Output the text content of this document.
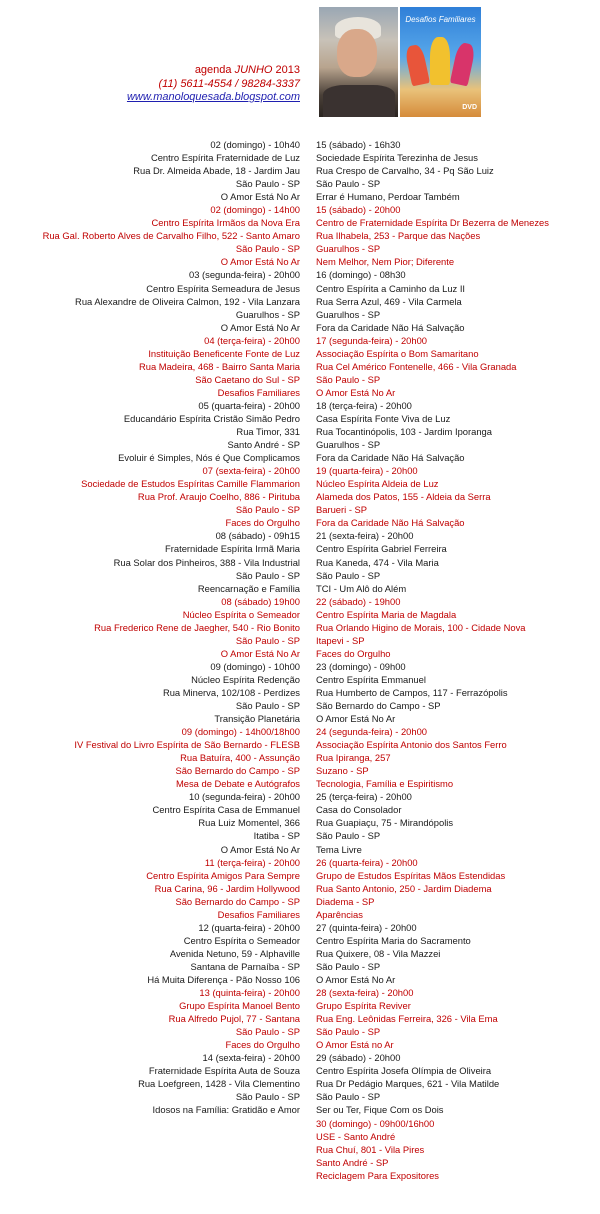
agenda JUNHO 2013
(11) 5611-4554 / 98284-3337
www.manoloquesada.blogspot.com
Desafios Familiares
DVD
02 (domingo) - 10h40
Centro Espírita Fraternidade de Luz
Rua Dr. Almeida Abade, 18 - Jardim Jau
São Paulo - SP
O Amor Está No Ar
02 (domingo) - 14h00
Centro Espírita Irmãos da Nova Era
Rua Gal. Roberto Alves de Carvalho Filho, 522 - Santo Amaro
São Paulo - SP
O Amor Está No Ar
03 (segunda-feira) - 20h00
Centro Espírita Semeadura de Jesus
Rua Alexandre de Oliveira Calmon, 192 - Vila Lanzara
Guarulhos - SP
O Amor Está No Ar
04 (terça-feira) - 20h00
Instituição Beneficente Fonte de Luz
Rua Madeira, 468 - Bairro Santa Maria
São Caetano do Sul - SP
Desafios Familiares
05 (quarta-feira) - 20h00
Educandário Espírita Cristão Simão Pedro
Rua Timor, 331
Santo André - SP
Evoluir é Simples, Nós é Que Complicamos
07 (sexta-feira) - 20h00
Sociedade de Estudos Espíritas Camille Flammarion
Rua Prof. Araujo Coelho, 886 - Pirituba
São Paulo - SP
Faces do Orgulho
08 (sábado) - 09h15
Fraternidade Espírita Irmã Maria
Rua Solar dos Pinheiros, 388 - Vila Industrial
São Paulo - SP
Reencarnação e Família
08 (sábado) 19h00
Núcleo Espírita o Semeador
Rua Frederico Rene de Jaegher, 540 - Rio Bonito
São Paulo - SP
O Amor Está No Ar
09 (domingo) - 10h00
Núcleo Espírita Redenção
Rua Minerva, 102/108 - Perdizes
São Paulo - SP
Transição Planetária
09 (domingo) - 14h00/18h00
IV Festival do Livro Espírita de São Bernardo - FLESB
Rua Batuíra, 400 - Assunção
São Bernardo do Campo - SP
Mesa de Debate e Autógrafos
10 (segunda-feira) - 20h00
Centro Espírita Casa de Emmanuel
Rua Luiz Momentel, 366
Itatiba - SP
O Amor Está No Ar
11 (terça-feira) - 20h00
Centro Espírita Amigos Para Sempre
Rua Carina, 96 - Jardim Hollywood
São Bernardo do Campo - SP
Desafios Familiares
12 (quarta-feira) - 20h00
Centro Espírita o Semeador
Avenida Netuno, 59 - Alphaville
Santana de Parnaíba - SP
Há Muita Diferença - Pão Nosso 106
13 (quinta-feira) - 20h00
Grupo Espírita Manoel Bento
Rua Alfredo Pujol, 77 - Santana
São Paulo - SP
Faces do Orgulho
14 (sexta-feira) - 20h00
Fraternidade Espírita Auta de Souza
Rua Loefgreen, 1428 - Vila Clementino
São Paulo - SP
Idosos na Família: Gratidão e Amor
15 (sábado) - 16h30
Sociedade Espírita Terezinha de Jesus
Rua Crespo de Carvalho, 34 - Pq São Luiz
São Paulo - SP
Errar é Humano, Perdoar Também
15 (sábado) - 20h00
Centro de Fraternidade Espírita Dr Bezerra de Menezes
Rua Ilhabela, 253 - Parque das Nações
Guarulhos - SP
Nem Melhor, Nem Pior; Diferente
16 (domingo) - 08h30
Centro Espírita a Caminho da Luz II
Rua Serra Azul, 469 - Vila Carmela
Guarulhos - SP
Fora da Caridade Não Há Salvação
17 (segunda-feira) - 20h00
Associação Espírita o Bom Samaritano
Rua Cel Américo Fontenelle, 466 - Vila Granada
São Paulo - SP
O Amor Está No Ar
18 (terça-feira) - 20h00
Casa Espírita Fonte Viva de Luz
Rua Tocantinópolis, 103 - Jardim Iporanga
Guarulhos - SP
Fora da Caridade Não Há Salvação
19 (quarta-feira) - 20h00
Núcleo Espírita Aldeia de Luz
Alameda dos Patos, 155 - Aldeia da Serra
Barueri - SP
Fora da Caridade Não Há Salvação
21 (sexta-feira) - 20h00
Centro Espírita Gabriel Ferreira
Rua Kaneda, 474 - Vila Maria
São Paulo - SP
TCI - Um Alô do Além
22 (sábado) - 19h00
Centro Espírita Maria de Magdala
Rua Orlando Higino de Morais, 100 - Cidade Nova
Itapevi - SP
Faces do Orgulho
23 (domingo) - 09h00
Centro Espírita Emmanuel
Rua Humberto de Campos, 117 - Ferrazópolis
São Bernardo do Campo - SP
O Amor Está No Ar
24 (segunda-feira) - 20h00
Associação Espírita Antonio dos Santos Ferro
Rua Ipiranga, 257
Suzano - SP
Tecnologia, Família e Espiritismo
25 (terça-feira) - 20h00
Casa do Consolador
Rua Guapiaçu, 75 - Mirandópolis
São Paulo - SP
Tema Livre
26 (quarta-feira) - 20h00
Grupo de Estudos Espíritas Mãos Estendidas
Rua Santo Antonio, 250 - Jardim Diadema
Diadema - SP
Aparências
27 (quinta-feira) - 20h00
Centro Espírita Maria do Sacramento
Rua Quixere, 08 - Vila Mazzei
São Paulo - SP
O Amor Está No Ar
28 (sexta-feira) - 20h00
Grupo Espírita Reviver
Rua Eng. Leônidas Ferreira, 326 - Vila Ema
São Paulo - SP
O Amor Está no Ar
29 (sábado) - 20h00
Centro Espírita Josefa Olímpia de Oliveira
Rua Dr Pedágio Marques, 621 - Vila Matilde
São Paulo - SP
Ser ou Ter, Fique Com os Dois
30 (domingo) - 09h00/16h00
USE - Santo André
Rua Chuí, 801 - Vila Pires
Santo André - SP
Reciclagem Para Expositores
